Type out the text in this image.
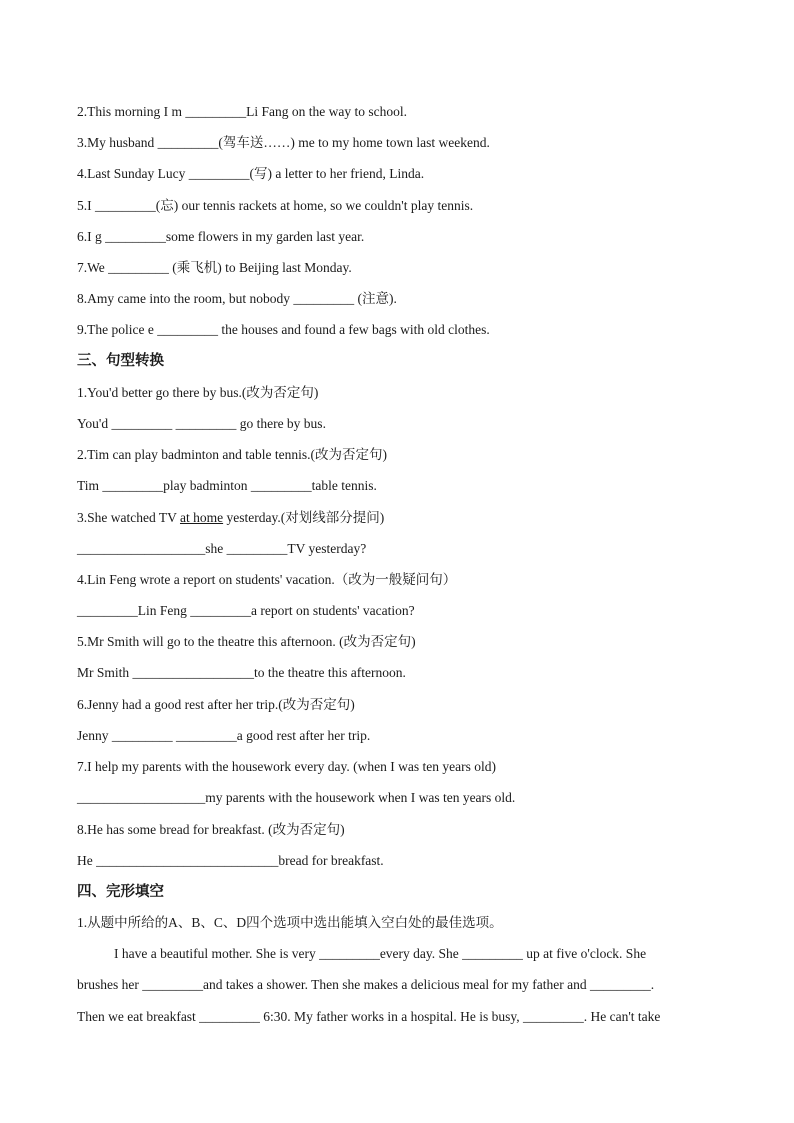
2.This morning I m _________Li Fang on the way to school.
3.My husband _________(驾车送……) me to my home town last weekend.
4.Last Sunday Lucy _________(写) a letter to her friend, Linda.
5.I _________(忘) our tennis rackets at home, so we couldn't play tennis.
6.I g _________some flowers in my garden last year.
7.We _________ (乘飞机) to Beijing last Monday.
8.Amy came into the room, but nobody _________ (注意).
9.The police e _________ the houses and found a few bags with old clothes.
三、句型转换
1.You'd better go there by bus.(改为否定句)
You'd _________ _________ go there by bus.
2.Tim can play badminton and table tennis.(改为否定句)
Tim _________play badminton _________table tennis.
3.She watched TV at home yesterday.(对划线部分提问)
___________________she _________TV yesterday?
4.Lin Feng wrote a report on students' vacation.（改为一般疑问句）
_________Lin Feng _________a report on students' vacation?
5.Mr Smith will go to the theatre this afternoon. (改为否定句)
Mr Smith __________________to the theatre this afternoon.
6.Jenny had a good rest after her trip.(改为否定句)
Jenny _________ _________a good rest after her trip.
7.I help my parents with the housework every day. (when I was ten years old)
___________________my parents with the housework when I was ten years old.
8.He has some bread for breakfast. (改为否定句)
He ___________________________bread for breakfast.
四、完形填空
1.从题中所给的A、B、C、D四个选项中选出能填入空白处的最佳选项。
I have a beautiful mother. She is very _________every day. She _________ up at five o'clock. She
brushes her _________and takes a shower. Then she makes a delicious meal for my father and _________.
Then we eat breakfast _________ 6:30. My father works in a hospital. He is busy, _________. He can't take
